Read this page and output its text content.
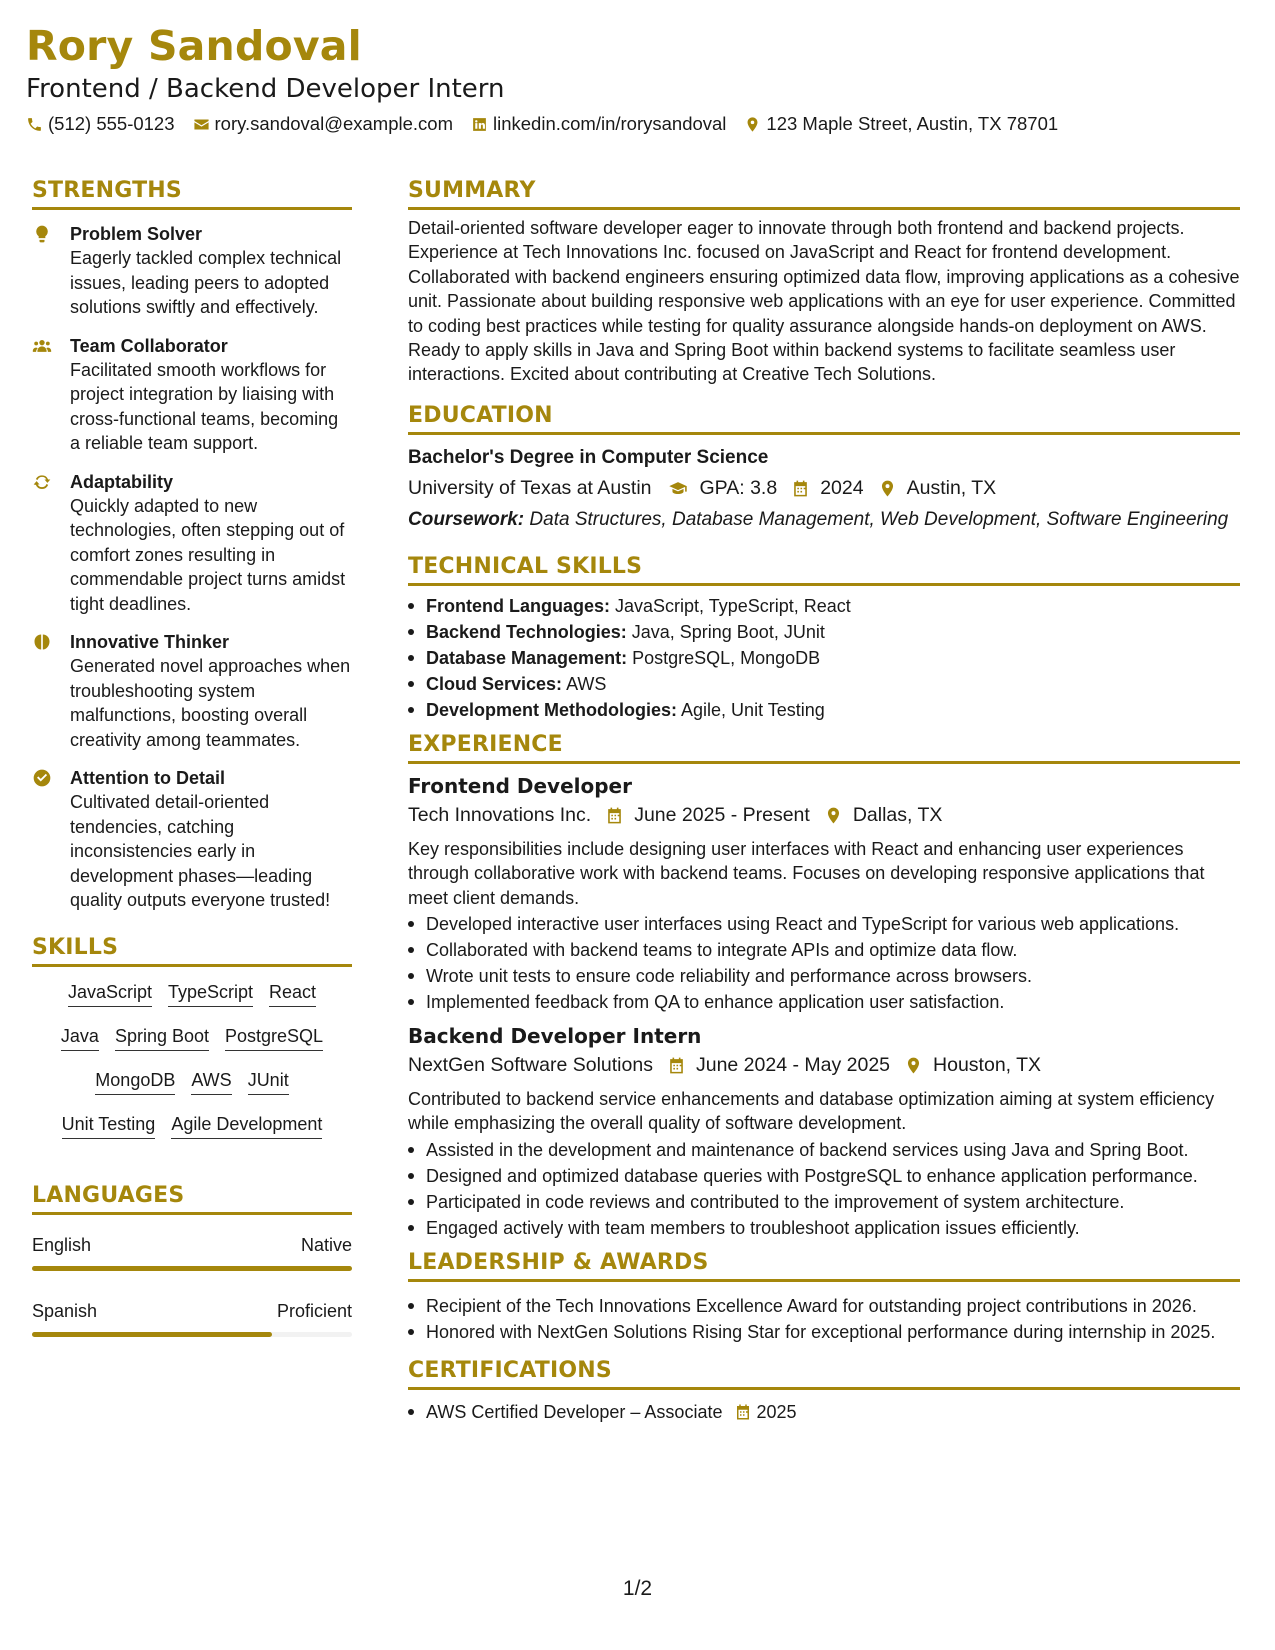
Rory Sandoval
Frontend / Backend Developer Intern
(512) 555-0123 rory.sandoval@example.com linkedin.com/in/rorysandoval 123 Maple Street, Austin, TX 78701
STRENGTHS
Problem Solver
Eagerly tackled complex technical issues, leading peers to adopted solutions swiftly and effectively.
Team Collaborator
Facilitated smooth workflows for project integration by liaising with cross-functional teams, becoming a reliable team support.
Adaptability
Quickly adapted to new technologies, often stepping out of comfort zones resulting in commendable project turns amidst tight deadlines.
Innovative Thinker
Generated novel approaches when troubleshooting system malfunctions, boosting overall creativity among teammates.
Attention to Detail
Cultivated detail-oriented tendencies, catching inconsistencies early in development phases—leading quality outputs everyone trusted!
SKILLS
JavaScript TypeScript React
Java Spring Boot PostgreSQL
MongoDB AWS JUnit
Unit Testing Agile Development
LANGUAGES
English	Native
Spanish	Proficient
SUMMARY
Detail-oriented software developer eager to innovate through both frontend and backend projects. Experience at Tech Innovations Inc. focused on JavaScript and React for frontend development. Collaborated with backend engineers ensuring optimized data flow, improving applications as a cohesive unit. Passionate about building responsive web applications with an eye for user experience. Committed to coding best practices while testing for quality assurance alongside hands-on deployment on AWS. Ready to apply skills in Java and Spring Boot within backend systems to facilitate seamless user interactions. Excited about contributing at Creative Tech Solutions.
EDUCATION
Bachelor's Degree in Computer Science
University of Texas at Austin GPA: 3.8 2024 Austin, TX
Coursework: Data Structures, Database Management, Web Development, Software Engineering
TECHNICAL SKILLS
Frontend Languages: JavaScript, TypeScript, React
Backend Technologies: Java, Spring Boot, JUnit
Database Management: PostgreSQL, MongoDB
Cloud Services: AWS
Development Methodologies: Agile, Unit Testing
EXPERIENCE
Frontend Developer
Tech Innovations Inc. June 2025 - Present Dallas, TX
Key responsibilities include designing user interfaces with React and enhancing user experiences through collaborative work with backend teams. Focuses on developing responsive applications that meet client demands.
Developed interactive user interfaces using React and TypeScript for various web applications.
Collaborated with backend teams to integrate APIs and optimize data flow.
Wrote unit tests to ensure code reliability and performance across browsers.
Implemented feedback from QA to enhance application user satisfaction.
Backend Developer Intern
NextGen Software Solutions June 2024 - May 2025 Houston, TX
Contributed to backend service enhancements and database optimization aiming at system efficiency while emphasizing the overall quality of software development.
Assisted in the development and maintenance of backend services using Java and Spring Boot.
Designed and optimized database queries with PostgreSQL to enhance application performance.
Participated in code reviews and contributed to the improvement of system architecture.
Engaged actively with team members to troubleshoot application issues efficiently.
LEADERSHIP & AWARDS
Recipient of the Tech Innovations Excellence Award for outstanding project contributions in 2026.
Honored with NextGen Solutions Rising Star for exceptional performance during internship in 2025.
CERTIFICATIONS
AWS Certified Developer – Associate 2025
1/2
